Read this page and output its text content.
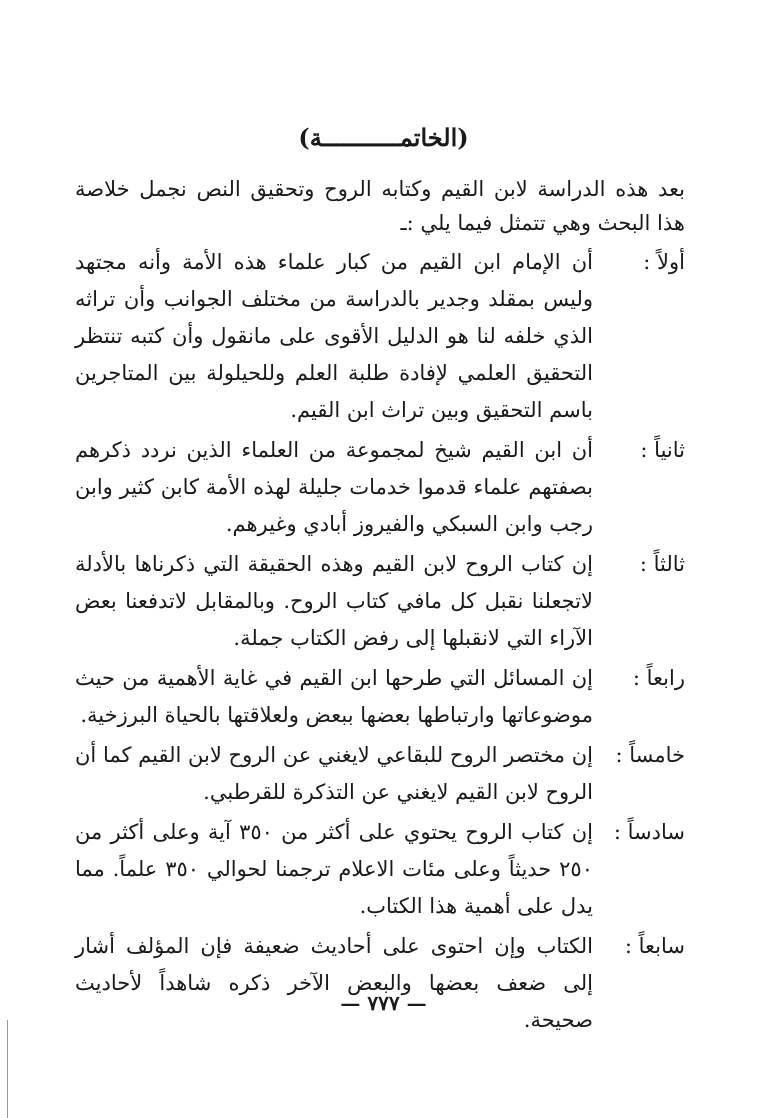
(الخاتمـــــــــــة)
بعد هذه الدراسة لابن القيم وكتابه الروح وتحقيق النص نجمل خلاصة هذا البحث وهي تتمثل فيما يلي :ـ
أولاً :
أن الإمام ابن القيم من كبار علماء هذه الأمة وأنه مجتهد وليس بمقلد وجدير بالدراسة من مختلف الجوانب وأن تراثه الذي خلفه لنا هو الدليل الأقوى على مانقول وأن كتبه تنتظر التحقيق العلمي لإفادة طلبة العلم وللحيلولة بين المتاجرين باسم التحقيق وبين تراث ابن القيم.
ثانياً :
أن ابن القيم شيخ لمجموعة من العلماء الذين نردد ذكرهم بصفتهم علماء قدموا خدمات جليلة لهذه الأمة كابن كثير وابن رجب وابن السبكي والفيروز أبادي وغيرهم.
ثالثاً :
إن كتاب الروح لابن القيم وهذه الحقيقة التي ذكرناها بالأدلة لاتجعلنا نقبل كل مافي كتاب الروح. وبالمقابل لاتدفعنا بعض الآراء التي لانقبلها إلى رفض الكتاب جملة.
رابعاً :
إن المسائل التي طرحها ابن القيم في غاية الأهمية من حيث موضوعاتها وارتباطها بعضها ببعض ولعلاقتها بالحياة البرزخية.
خامساً :
إن مختصر الروح للبقاعي لايغني عن الروح لابن القيم كما أن الروح لابن القيم لايغني عن التذكرة للقرطبي.
سادساً :
إن كتاب الروح يحتوي على أكثر من ٣٥٠ آية وعلى أكثر من ٢٥٠ حديثاً وعلى مئات الاعلام ترجمنا لحوالي ٣٥٠ علماً. مما يدل على أهمية هذا الكتاب.
سابعاً :
الكتاب وإن احتوى على أحاديث ضعيفة فإن المؤلف أشار إلى ضعف بعضها والبعض الآخر ذكره شاهداً لأحاديث صحيحة.
— ٧٧٧ —
